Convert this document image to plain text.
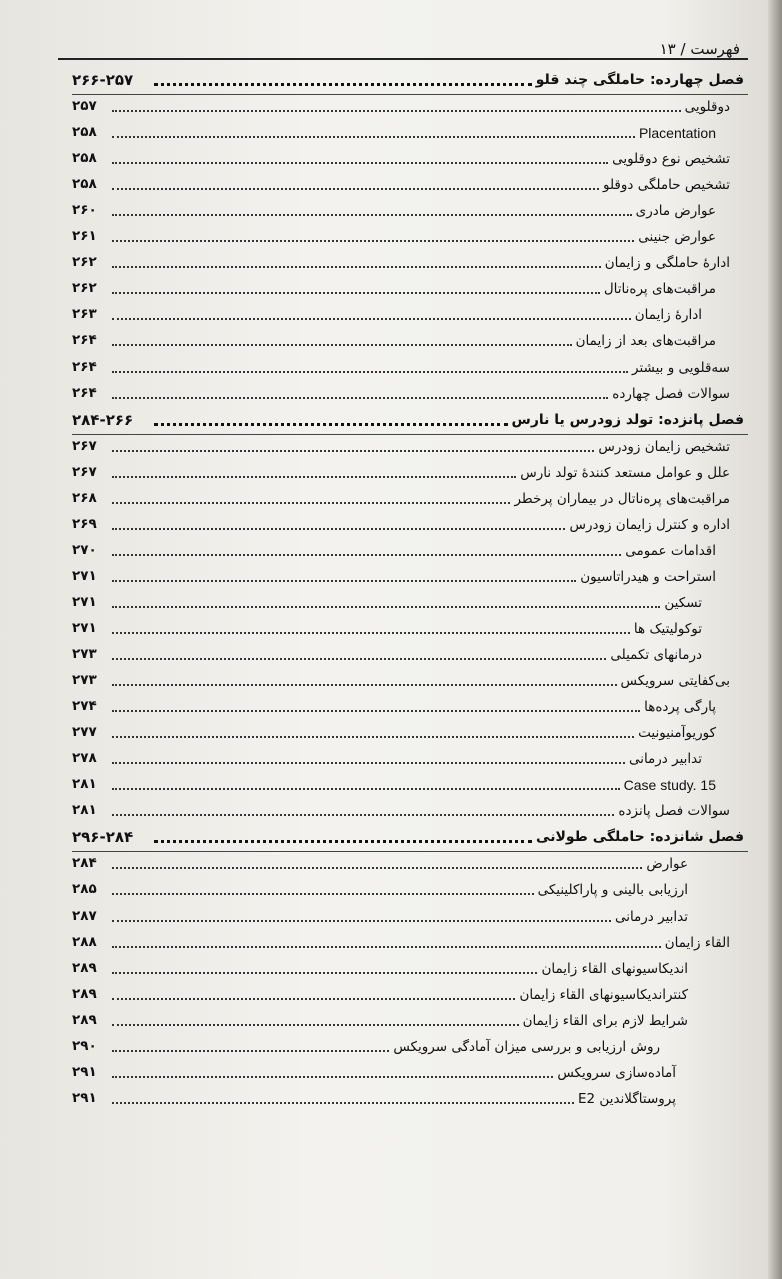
فهرست / ۱۳
۲۶۶-۲۵۷	فصل چهارده: حاملگی چند قلو
۲۵۷	دوقلویی
۲۵۸	Placentation
۲۵۸	تشخیص نوع دوقلویی
۲۵۸	تشخیص حاملگی دوقلو
۲۶۰	عوارض مادری
۲۶۱	عوارض جنینی
۲۶۲	ادارهٔ حاملگی و زایمان
۲۶۲	مراقبت‌های پره‌ناتال
۲۶۳	ادارهٔ زایمان
۲۶۴	مراقبت‌های بعد از زایمان
۲۶۴	سه‌قلویی و بیشتر
۲۶۴	سوالات فصل چهارده
۲۸۴-۲۶۶	فصل پانزده: تولد زودرس یا نارس
۲۶۷	تشخیص زایمان زودرس
۲۶۷	علل و عوامل مستعد کنندهٔ تولد نارس
۲۶۸	مراقبت‌های پره‌ناتال در بیماران پرخطر
۲۶۹	اداره و کنترل زایمان زودرس
۲۷۰	اقدامات عمومی
۲۷۱	استراحت و هیدراتاسیون
۲۷۱	تسکین
۲۷۱	توکولیتیک ها
۲۷۳	درمانهای تکمیلی
۲۷۳	بی‌کفایتی سرویکس
۲۷۴	پارگی پرده‌ها
۲۷۷	کوریوآمنیونیت
۲۷۸	تدابیر درمانی
۲۸۱	Case study. 15
۲۸۱	سوالات فصل پانزده
۲۹۶-۲۸۴	فصل شانزده: حاملگی طولانی
۲۸۴	عوارض
۲۸۵	ارزیابی بالینی و پاراکلینیکی
۲۸۷	تدابیر درمانی
۲۸۸	القاء زایمان
۲۸۹	اندیکاسیونهای القاء زایمان
۲۸۹	کنتراندیکاسیونهای القاء زایمان
۲۸۹	شرایط لازم برای القاء زایمان
۲۹۰	روش ارزیابی و بررسی میزان آمادگی سرویکس
۲۹۱	آماده‌سازی سرویکس
۲۹۱	پروستاگلاندین E2
